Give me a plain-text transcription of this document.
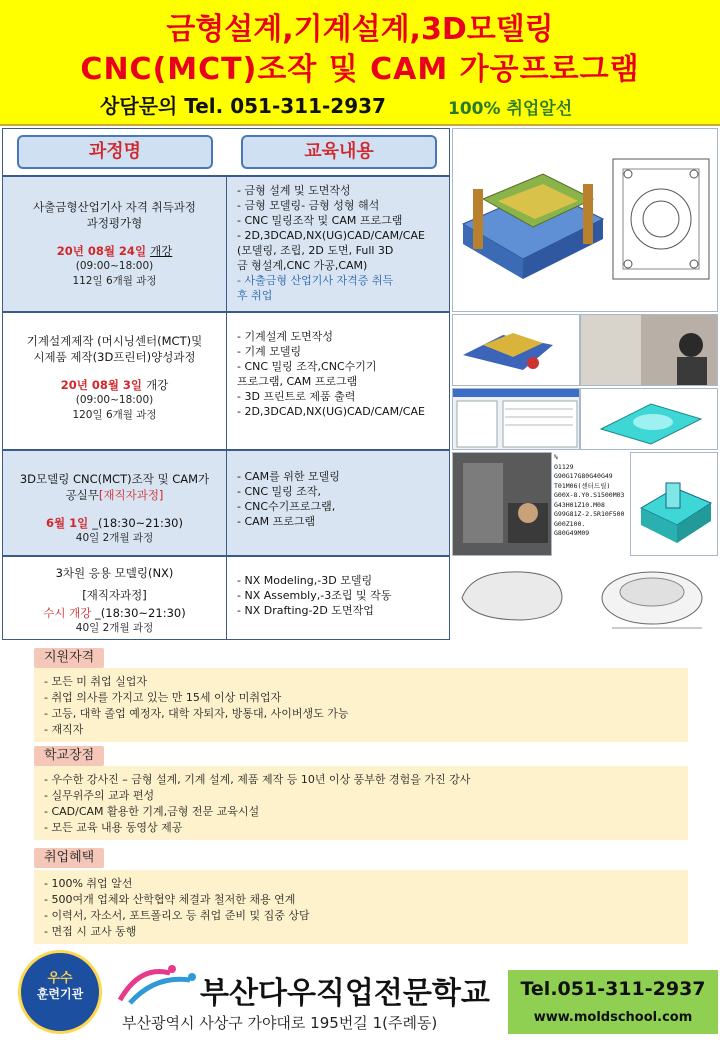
금형설계,기계설계,3D모델링
CNC(MCT)조작 및 CAM 가공프로그램
상담문의 Tel. 051-311-2937	100% 취업알선
과정명	교육내용
사출금형산업기사 자격 취득과정
과정평가형
20년 08월 24일 개강
(09:00~18:00)
112일 6개월 과정
- 금형 설계 및 도면작성
- 금형 모델링- 금형 성형 해석
- CNC 밀링조작 및 CAM 프로그램
- 2D,3DCAD,NX(UG)CAD/CAM/CAE
(모델링, 조립, 2D 도면, Full 3D
금 형설계,CNC 가공,CAM)
- 사출금형 산업기사 자격증 취득
후 취업
기계설계제작 (머시닝센터(MCT)및
시제품 제작(3D프린터)양성과정
20년 08월 3일 개강
(09:00~18:00)
120일 6개월 과정
- 기계설계 도면작성
- 기계 모델링
- CNC 밀링 조작,CNC수기기
프로그램, CAM 프로그램
- 3D 프린트로 제품 출력
- 2D,3DCAD,NX(UG)CAD/CAM/CAE
3D모델링 CNC(MCT)조작 및 CAM가
공실무[재직자과정]
6월 1일 _(18:30~21:30)
40일 2개월 과정
- CAM를 위한 모델링
- CNC 밀링 조작,
- CNC수기프로그램,
- CAM 프로그램
3차원 응용 모델링(NX)
[재직자과정]
수시 개강 _(18:30~21:30)
40일 2개월 과정
- NX Modeling,-3D 모델링
- NX Assembly,-3조립 및 작동
- NX Drafting-2D 도면작업
%
O1129
G90G17G80G40G49
T01M06(센터드릴)
G00X-8.Y0.S1500M03
G43H01Z10.M08
G99G81Z-2.5R10F500
G00Z100.
G80G49M09
지원자격
- 모든 미 취업 실업자
- 취업 의사를 가지고 있는 만 15세 이상 미취업자
- 고등, 대학 졸업 예정자, 대학 자퇴자, 방통대, 사이버생도 가능
- 재직자
학교장점
- 우수한 강사진 – 금형 설계, 기계 설계, 제품 제작 등 10년 이상 풍부한 경험을 가진 강사
- 실무위주의 교과 편성
- CAD/CAM 활용한 기계,금형 전문 교육시설
- 모든 교육 내용 동영상 제공
취업혜택
- 100% 취업 알선
- 500여개 업체와 산학협약 체결과 철저한 채용 연계
- 이력서, 자소서, 포트폴리오 등 취업 준비 및 집중 상담
- 면접 시 교사 동행
우수
훈련기관	부산다우직업전문학교
부산광역시 사상구 가야대로 195번길 1(주례동)
Tel.051-311-2937
www.moldschool.com
